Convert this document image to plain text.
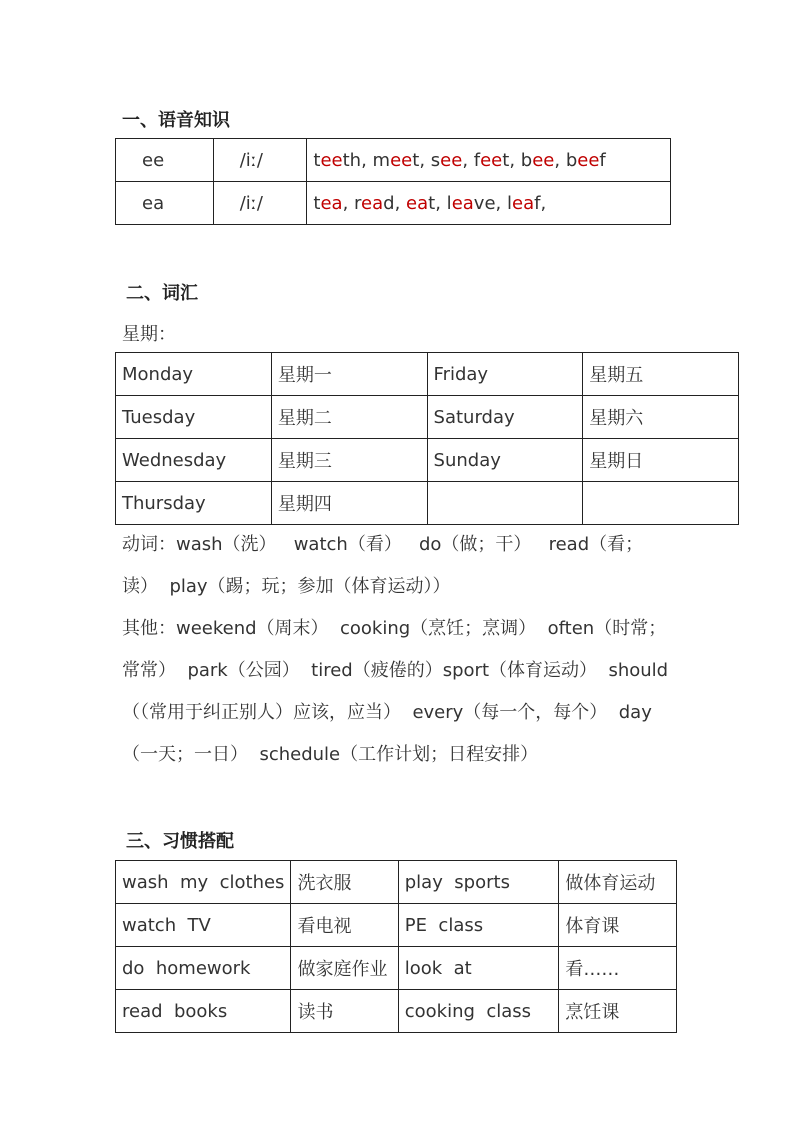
一、语音知识
ee	/iː/	teeth, meet, see, feet, bee, beef
ea	/iː/	tea, read, eat, leave, leaf,
二、词汇
星期：
Monday	星期一	Friday	星期五
Tuesday	星期二	Saturday	星期六
Wednesday	星期三	Sunday	星期日
Thursday	星期四		
动词：wash（洗）   watch（看）   do（做；干）   read（看；
读）  play（踢；玩；参加（体育运动））
其他：weekend（周末）  cooking（烹饪；烹调）  often（时常；
常常）  park（公园）  tired（疲倦的）sport（体育运动）  should
（（常用于纠正别人）应该，应当）  every（每一个，每个）  day
（一天；一日）  schedule（工作计划；日程安排）
三、习惯搭配
wash  my  clothes	洗衣服	play  sports	做体育运动
watch  TV	看电视	PE  class	体育课
do  homework	做家庭作业	look  at	看……
read  books	读书	cooking  class	烹饪课
